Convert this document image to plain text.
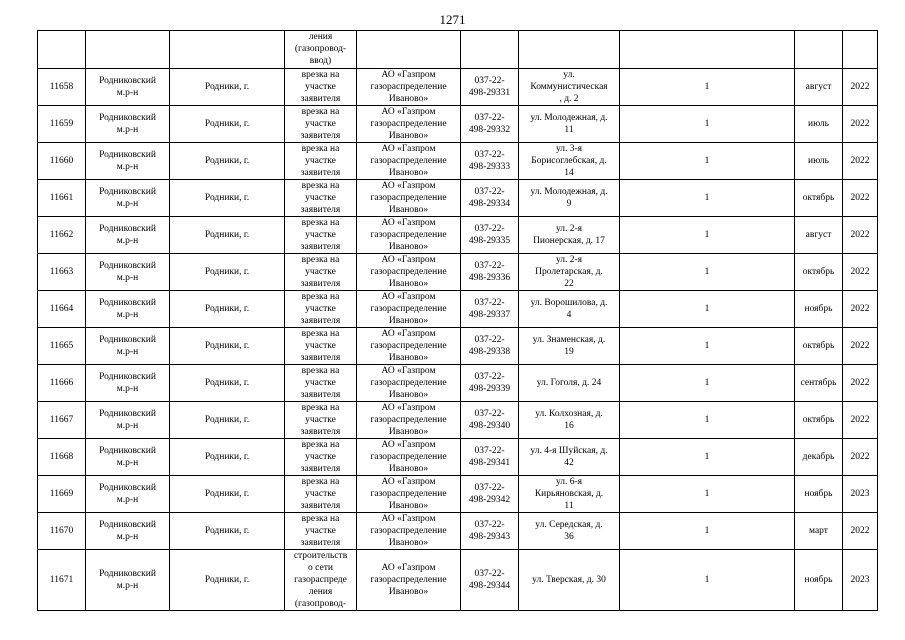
1271

			ления
(газопровод-
ввод)						

11658	Родниковский
м.р-н	Родники, г.	врезка на
участке
заявителя	АО «Газпром
газораспределение
Иваново»	037-22-
498-29331	ул.
Коммунистическая
, д. 2	1	август	2022

11659	Родниковский
м.р-н	Родники, г.	врезка на
участке
заявителя	АО «Газпром
газораспределение
Иваново»	037-22-
498-29332	ул. Молодежная, д.
11	1	июль	2022

11660	Родниковский
м.р-н	Родники, г.	врезка на
участке
заявителя	АО «Газпром
газораспределение
Иваново»	037-22-
498-29333	ул. 3-я
Борисоглебская, д.
14	1	июль	2022

11661	Родниковский
м.р-н	Родники, г.	врезка на
участке
заявителя	АО «Газпром
газораспределение
Иваново»	037-22-
498-29334	ул. Молодежная, д.
9	1	октябрь	2022

11662	Родниковский
м.р-н	Родники, г.	врезка на
участке
заявителя	АО «Газпром
газораспределение
Иваново»	037-22-
498-29335	ул. 2-я
Пионерская, д. 17	1	август	2022

11663	Родниковский
м.р-н	Родники, г.	врезка на
участке
заявителя	АО «Газпром
газораспределение
Иваново»	037-22-
498-29336	ул. 2-я
Пролетарская, д.
22	1	октябрь	2022

11664	Родниковский
м.р-н	Родники, г.	врезка на
участке
заявителя	АО «Газпром
газораспределение
Иваново»	037-22-
498-29337	ул. Ворошилова, д.
4	1	ноябрь	2022

11665	Родниковский
м.р-н	Родники, г.	врезка на
участке
заявителя	АО «Газпром
газораспределение
Иваново»	037-22-
498-29338	ул. Знаменская, д.
19	1	октябрь	2022

11666	Родниковский
м.р-н	Родники, г.	врезка на
участке
заявителя	АО «Газпром
газораспределение
Иваново»	037-22-
498-29339	ул. Гоголя, д. 24	1	сентябрь	2022

11667	Родниковский
м.р-н	Родники, г.	врезка на
участке
заявителя	АО «Газпром
газораспределение
Иваново»	037-22-
498-29340	ул. Колхозная, д.
16	1	октябрь	2022

11668	Родниковский
м.р-н	Родники, г.	врезка на
участке
заявителя	АО «Газпром
газораспределение
Иваново»	037-22-
498-29341	ул. 4-я Шуйская, д.
42	1	декабрь	2022

11669	Родниковский
м.р-н	Родники, г.	врезка на
участке
заявителя	АО «Газпром
газораспределение
Иваново»	037-22-
498-29342	ул. 6-я
Кирьяновская, д.
11	1	ноябрь	2023

11670	Родниковский
м.р-н	Родники, г.	врезка на
участке
заявителя	АО «Газпром
газораспределение
Иваново»	037-22-
498-29343	ул. Середская, д.
36	1	март	2022

11671	Родниковский
м.р-н	Родники, г.	строительств
о сети
газораспреде
ления
(газопровод-	АО «Газпром
газораспределение
Иваново»	037-22-
498-29344	ул. Тверская, д. 30	1	ноябрь	2023
